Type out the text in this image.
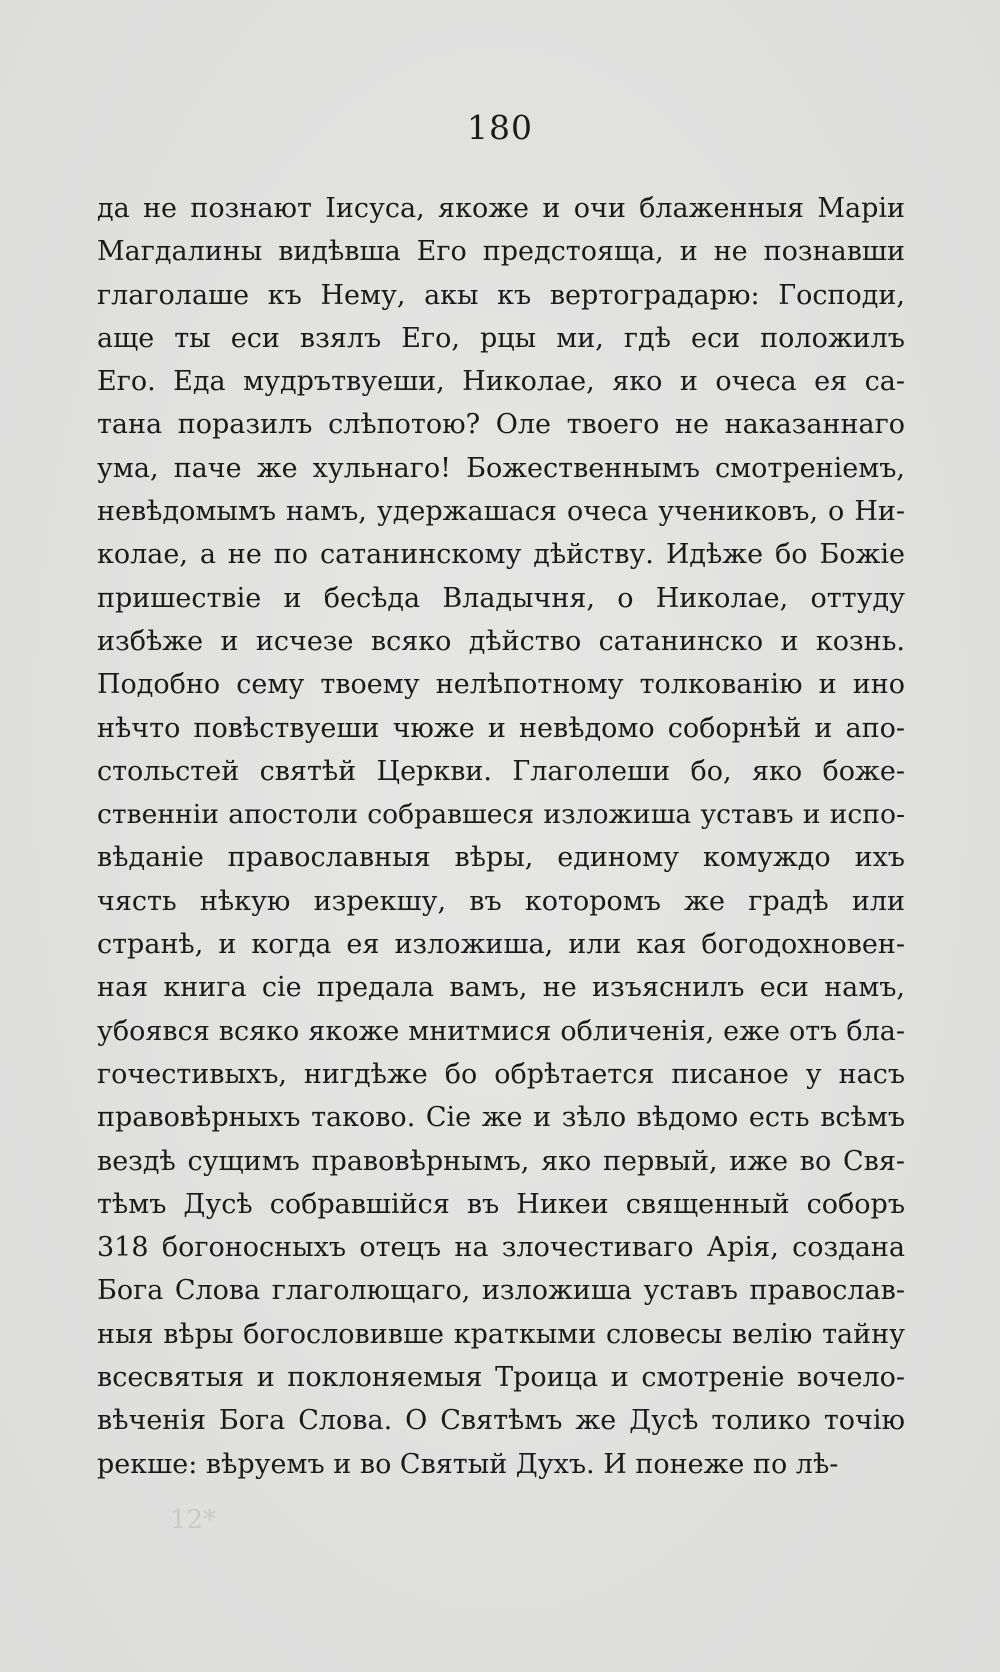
180
да не познают Іисуса, якоже и очи блаженныя Маріи
Магдалины видѣвша Его предстояща, и не познавши
глаголаше къ Нему, акы къ вертоградарю: Господи,
аще ты еси взялъ Его, рцы ми, гдѣ еси положилъ
Его. Еда мудрътвуеши, Николае, яко и очеса ея са-
тана поразилъ слѣпотою? Оле твоего не наказаннаго
ума, паче же хульнаго! Божественнымъ смотреніемъ,
невѣдомымъ намъ, удержашася очеса учениковъ, о Ни-
колае, а не по сатанинскому дѣйству. Идѣже бо Божіе
пришествіе и бесѣда Владычня, о Николае, оттуду
избѣже и исчезе всяко дѣйство сатанинско и кознь.
Подобно сему твоему нелѣпотному толкованію и ино
нѣчто повѣствуеши чюже и невѣдомо соборнѣй и апо-
стольстей святѣй Церкви. Глаголеши бо, яко боже-
ственніи апостоли собравшеся изложиша уставъ и испо-
вѣданіе православныя вѣры, единому комуждо ихъ
чясть нѣкую изрекшу, въ которомъ же градѣ или
странѣ, и когда ея изложиша, или кая богодохновен-
ная книга сіе предала вамъ, не изъяснилъ еси намъ,
убоявся всяко якоже мнитмися обличенія, еже отъ бла-
гочестивыхъ, нигдѣже бо обрѣтается писаное у насъ
правовѣрныхъ таково. Сіе же и зѣло вѣдомо есть всѣмъ
вездѣ сущимъ правовѣрнымъ, яко первый, иже во Свя-
тѣмъ Дусѣ собравшійся въ Никеи священный соборъ
318 богоносныхъ отецъ на злочестиваго Арія, создана
Бога Слова глаголющаго, изложиша уставъ православ-
ныя вѣры богословивше краткыми словесы велію тайну
всесвятыя и поклоняемыя Троица и смотреніе вочело-
вѣченія Бога Слова. О Святѣмъ же Дусѣ толико точію
рекше: вѣруемъ и во Святый Духъ. И понеже по лѣ-
12*
